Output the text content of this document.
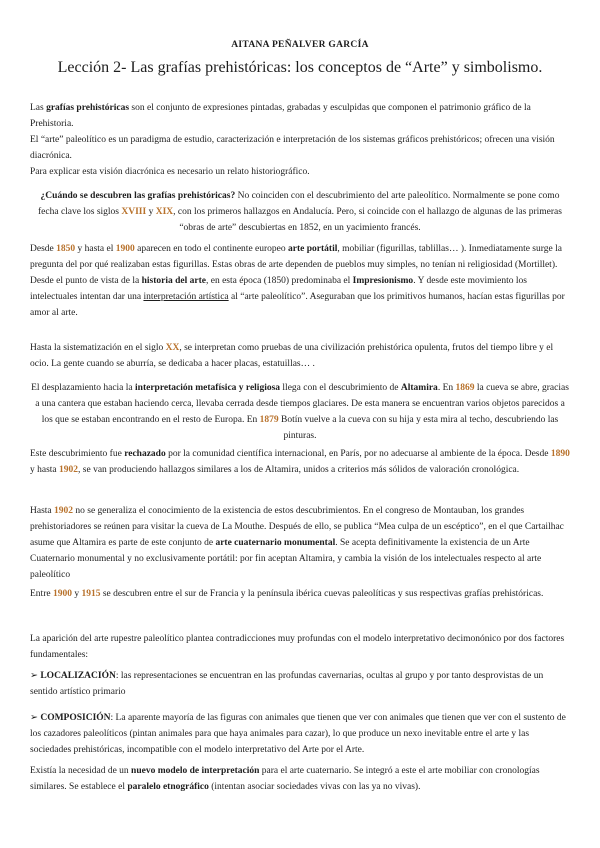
AITANA PEÑALVER GARCÍA
Lección 2- Las grafías prehistóricas: los conceptos de “Arte” y simbolismo.

Las grafías prehistóricas son el conjunto de expresiones pintadas, grabadas y esculpidas que componen el patrimonio gráfico de la Prehistoria.

El “arte” paleolítico es un paradigma de estudio, caracterización e interpretación de los sistemas gráficos prehistóricos; ofrecen una visión diacrónica.

Para explicar esta visión diacrónica es necesario un relato historiográfico.

¿Cuándo se descubren las grafías prehistóricas? No coinciden con el descubrimiento del arte paleolítico. Normalmente se pone como fecha clave los siglos XVIII y XIX, con los primeros hallazgos en Andalucía. Pero, si coincide con el hallazgo de algunas de las primeras “obras de arte” descubiertas en 1852, en un yacimiento francés.

Desde 1850 y hasta el 1900 aparecen en todo el continente europeo arte portátil, mobiliar (figurillas, tablillas… ). Inmediatamente surge la pregunta del por qué realizaban estas figurillas. Estas obras de arte dependen de pueblos muy simples, no tenían ni religiosidad (Mortillet).

Desde el punto de vista de la historia del arte, en esta época (1850) predominaba el Impresionismo. Y desde este movimiento los intelectuales intentan dar una interpretación artística al “arte paleolítico”. Aseguraban que los primitivos humanos, hacían estas figurillas por amor al arte.

Hasta la sistematización en el siglo XX, se interpretan como pruebas de una civilización prehistórica opulenta, frutos del tiempo libre y el ocio. La gente cuando se aburría, se dedicaba a hacer placas, estatuillas… .

El desplazamiento hacia la interpretación metafísica y religiosa llega con el descubrimiento de Altamira. En 1869 la cueva se abre, gracias a una cantera que estaban haciendo cerca, llevaba cerrada desde tiempos glaciares. De esta manera se encuentran varios objetos parecidos a los que se estaban encontrando en el resto de Europa. En 1879 Botín vuelve a la cueva con su hija y esta mira al techo, descubriendo las pinturas.

Este descubrimiento fue rechazado por la comunidad científica internacional, en París, por no adecuarse al ambiente de la época. Desde 1890 y hasta 1902, se van produciendo hallazgos similares a los de Altamira, unidos a criterios más sólidos de valoración cronológica.

Hasta 1902 no se generaliza el conocimiento de la existencia de estos descubrimientos. En el congreso de Montauban, los grandes prehistoriadores se reúnen para visitar la cueva de La Mouthe. Después de ello, se publica “Mea culpa de un escéptico”, en el que Cartailhac asume que Altamira es parte de este conjunto de arte cuaternario monumental. Se acepta definitivamente la existencia de un Arte Cuaternario monumental y no exclusivamente portátil: por fin aceptan Altamira, y cambia la visión de los intelectuales respecto al arte paleolítico

Entre 1900 y 1915 se descubren entre el sur de Francia y la península ibérica cuevas paleolíticas y sus respectivas grafías prehistóricas.

La aparición del arte rupestre paleolítico plantea contradicciones muy profundas con el modelo interpretativo decimonónico por dos factores fundamentales:

➢ LOCALIZACIÓN: las representaciones se encuentran en las profundas cavernarias, ocultas al grupo y por tanto desprovistas de un sentido artístico primario

➢ COMPOSICIÓN: La aparente mayoría de las figuras con animales que tienen que ver con animales que tienen que ver con el sustento de los cazadores paleolíticos (pintan animales para que haya animales para cazar), lo que produce un nexo inevitable entre el arte y las sociedades prehistóricas, incompatible con el modelo interpretativo del Arte por el Arte.

Existía la necesidad de un nuevo modelo de interpretación para el arte cuaternario. Se integró a este el arte mobiliar con cronologías similares. Se establece el paralelo etnográfico (intentan asociar sociedades vivas con las ya no vivas).
